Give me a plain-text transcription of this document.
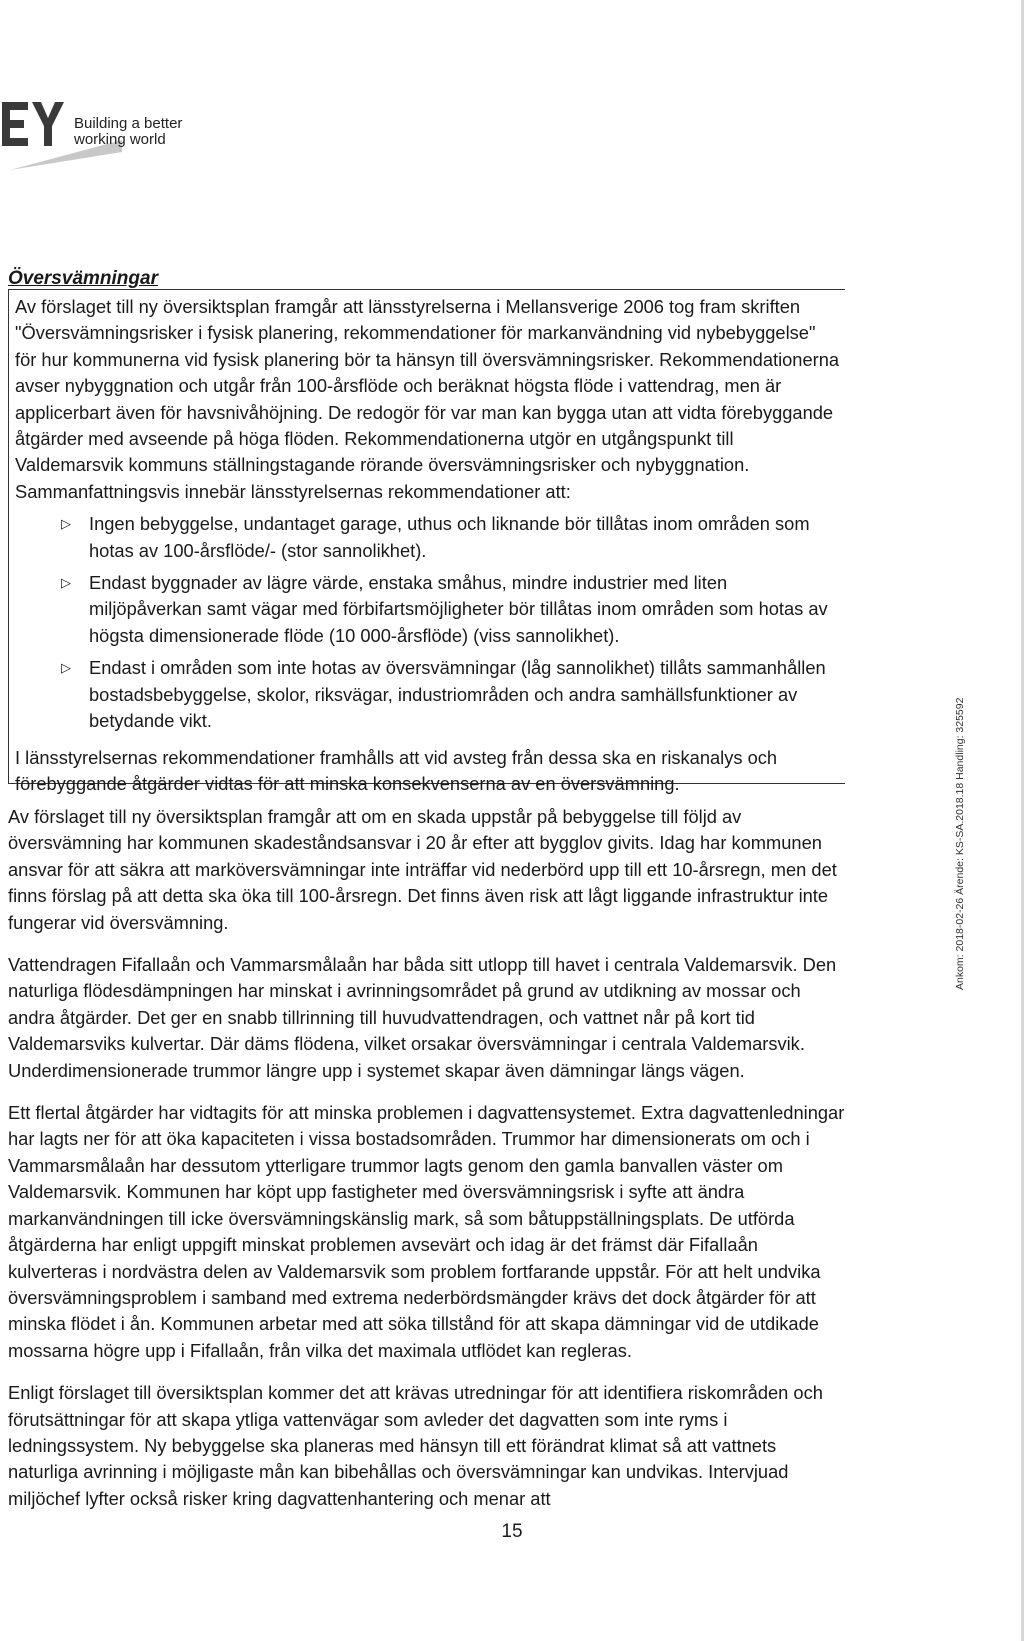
Building a better
working world
Översvämningar

Av förslaget till ny översiktsplan framgår att länsstyrelserna i Mellansverige 2006 tog fram skriften "Översvämningsrisker i fysisk planering, rekommendationer för markanvändning vid nybebyggelse" för hur kommunerna vid fysisk planering bör ta hänsyn till översvämningsrisker. Rekommendationerna avser nybyggnation och utgår från 100-årsflöde och beräknat högsta flöde i vattendrag, men är applicerbart även för havsnivåhöjning. De redogör för var man kan bygga utan att vidta förebyggande åtgärder med avseende på höga flöden. Rekommendationerna utgör en utgångspunkt till Valdemarsvik kommuns ställningstagande rörande översvämningsrisker och nybyggnation. Sammanfattningsvis innebär länsstyrelsernas rekommendationer att:

▷ Ingen bebyggelse, undantaget garage, uthus och liknande bör tillåtas inom områden som hotas av 100-årsflöde/- (stor sannolikhet).
▷ Endast byggnader av lägre värde, enstaka småhus, mindre industrier med liten miljöpåverkan samt vägar med förbifartsmöjligheter bör tillåtas inom områden som hotas av högsta dimensionerade flöde (10 000-årsflöde) (viss sannolikhet).
▷ Endast i områden som inte hotas av översvämningar (låg sannolikhet) tillåts sammanhållen bostadsbebyggelse, skolor, riksvägar, industriområden och andra samhällsfunktioner av betydande vikt.

I länsstyrelsernas rekommendationer framhålls att vid avsteg från dessa ska en riskanalys och förebyggande åtgärder vidtas för att minska konsekvenserna av en översvämning.

Av förslaget till ny översiktsplan framgår att om en skada uppstår på bebyggelse till följd av översvämning har kommunen skadeståndsansvar i 20 år efter att bygglov givits. Idag har kommunen ansvar för att säkra att marköversvämningar inte inträffar vid nederbörd upp till ett 10-årsregn, men det finns förslag på att detta ska öka till 100-årsregn. Det finns även risk att lågt liggande infrastruktur inte fungerar vid översvämning.

Vattendragen Fifallaån och Vammarsmålaån har båda sitt utlopp till havet i centrala Valdemarsvik. Den naturliga flödesdämpningen har minskat i avrinningsområdet på grund av utdikning av mossar och andra åtgärder. Det ger en snabb tillrinning till huvudvattendragen, och vattnet når på kort tid Valdemarsviks kulvertar. Där däms flödena, vilket orsakar översvämningar i centrala Valdemarsvik. Underdimensionerade trummor längre upp i systemet skapar även dämningar längs vägen.

Ett flertal åtgärder har vidtagits för att minska problemen i dagvattensystemet. Extra dagvattenledningar har lagts ner för att öka kapaciteten i vissa bostadsområden. Trummor har dimensionerats om och i Vammarsmålaån har dessutom ytterligare trummor lagts genom den gamla banvallen väster om Valdemarsvik. Kommunen har köpt upp fastigheter med översvämningsrisk i syfte att ändra markanvändningen till icke översvämningskänslig mark, så som båtuppställningsplats. De utförda åtgärderna har enligt uppgift minskat problemen avsevärt och idag är det främst där Fifallaån kulverteras i nordvästra delen av Valdemarsvik som problem fortfarande uppstår. För att helt undvika översvämningsproblem i samband med extrema nederbördsmängder krävs det dock åtgärder för att minska flödet i ån. Kommunen arbetar med att söka tillstånd för att skapa dämningar vid de utdikade mossarna högre upp i Fifallaån, från vilka det maximala utflödet kan regleras.

Enligt förslaget till översiktsplan kommer det att krävas utredningar för att identifiera riskområden och förutsättningar för att skapa ytliga vattenvägar som avleder det dagvatten som inte ryms i ledningssystem. Ny bebyggelse ska planeras med hänsyn till ett förändrat klimat så att vattnets naturliga avrinning i möjligaste mån kan bibehållas och översvämningar kan undvikas. Intervjuad miljöchef lyfter också risker kring dagvattenhantering och menar att

15
Ankom: 2018-02-26 Ärende: KS-SA.2018.18 Handling: 325592
